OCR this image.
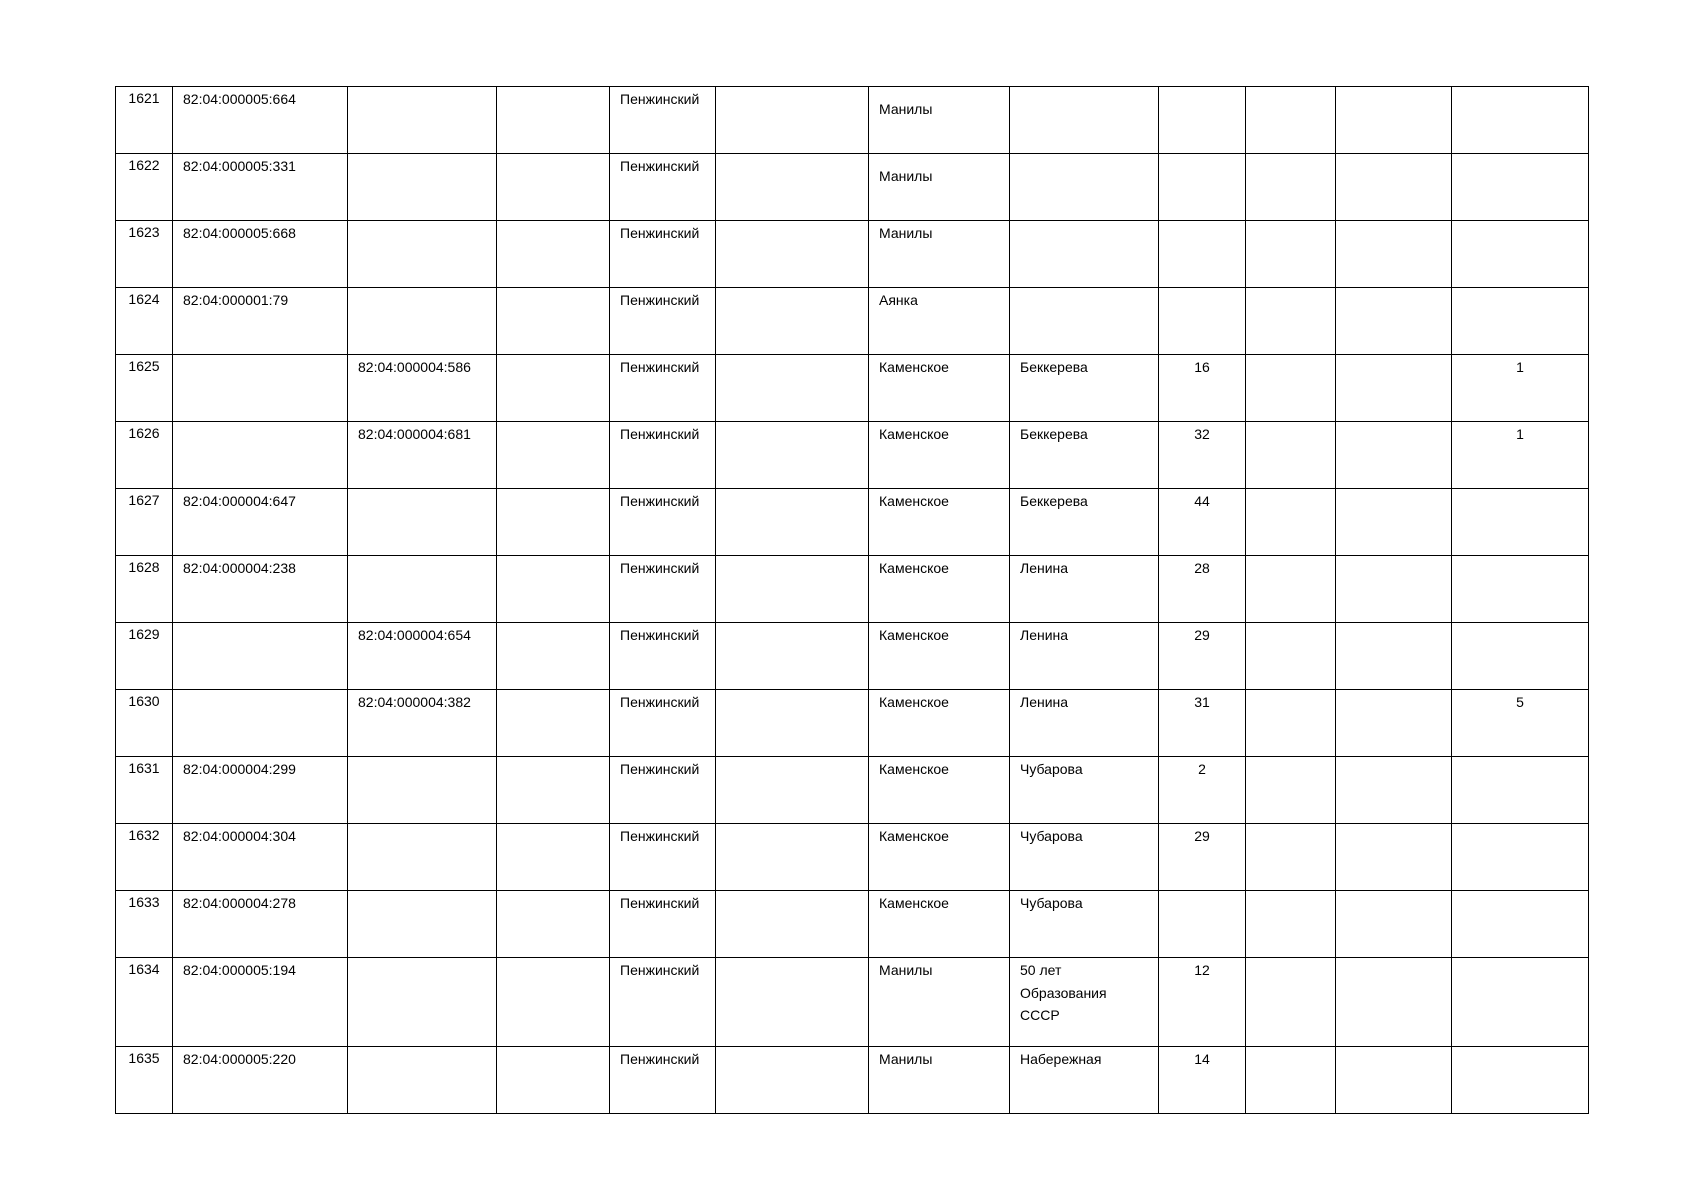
1621	82:04:000005:664			Пенжинский		Манилы					

1622	82:04:000005:331			Пенжинский		Манилы					

1623	82:04:000005:668			Пенжинский		Манилы					

1624	82:04:000001:79			Пенжинский		Аянка					

1625		82:04:000004:586		Пенжинский		Каменское	Беккерева	16			1

1626		82:04:000004:681		Пенжинский		Каменское	Беккерева	32			1

1627	82:04:000004:647			Пенжинский		Каменское	Беккерева	44			

1628	82:04:000004:238			Пенжинский		Каменское	Ленина	28			

1629		82:04:000004:654		Пенжинский		Каменское	Ленина	29			

1630		82:04:000004:382		Пенжинский		Каменское	Ленина	31			5

1631	82:04:000004:299			Пенжинский		Каменское	Чубарова	2			

1632	82:04:000004:304			Пенжинский		Каменское	Чубарова	29			

1633	82:04:000004:278			Пенжинский		Каменское	Чубарова				

1634	82:04:000005:194			Пенжинский		Манилы	50 лет Образования СССР	12			

1635	82:04:000005:220			Пенжинский		Манилы	Набережная	14			
